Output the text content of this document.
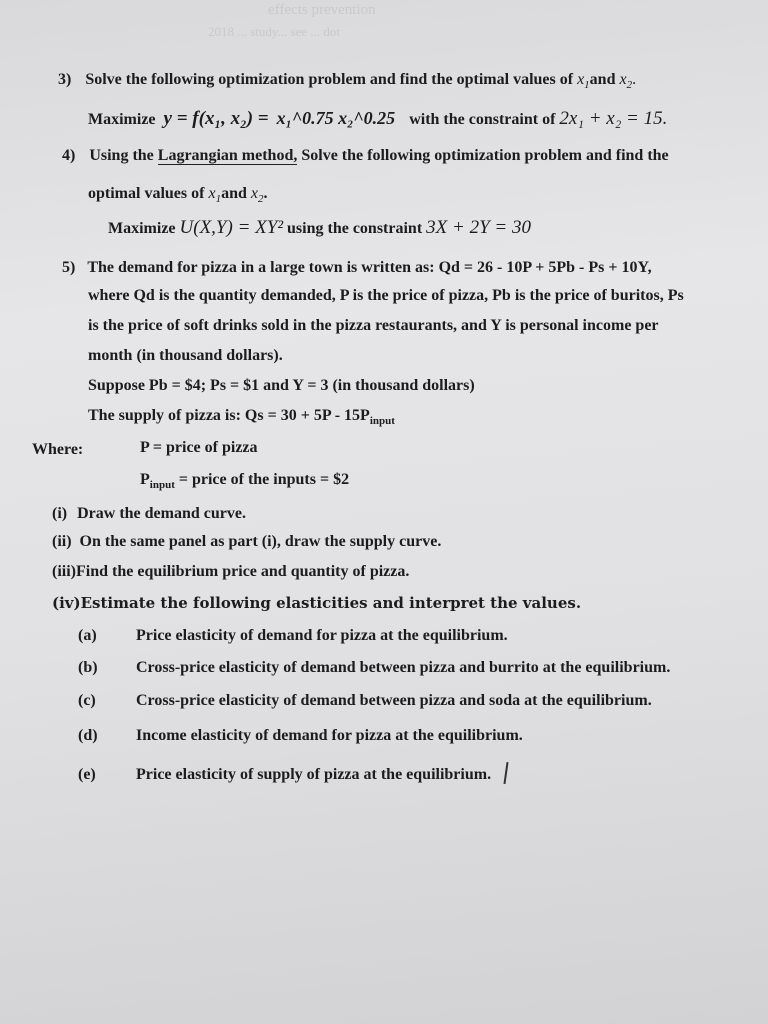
effects prevention
2018 ... study... see ... dot
3) Solve the following optimization problem and find the optimal values of $x_1and$ $x_2$.
Maximize y = f(x₁, x₂) = x₁^0.75 x₂^0.25 with the constraint of 2x₁ + x₂ = 15.
4) Using the Lagrangian method, Solve the following optimization problem and find the
optimal values of $x_1and$ $x_2$.
Maximize U(X,Y) = XY² using the constraint 3X + 2Y = 30
5) The demand for pizza in a large town is written as: Qd = 26 - 10P + 5Pb - Ps + 10Y,
where Qd is the quantity demanded, P is the price of pizza, Pb is the price of buritos, Ps
is the price of soft drinks sold in the pizza restaurants, and Y is personal income per
month (in thousand dollars).
Suppose Pb = $4; Ps = $1 and Y = 3 (in thousand dollars)
The supply of pizza is: $Qs = 30 + 5P - 15P_{input}$
Where:	P = price of pizza
$P_{input}$ = price of the inputs = $2
(i) Draw the demand curve.
(ii) On the same panel as part (i), draw the supply curve.
(iii)Find the equilibrium price and quantity of pizza.
(iv)Estimate the following elasticities and interpret the values.
(a) Price elasticity of demand for pizza at the equilibrium.
(b) Cross-price elasticity of demand between pizza and burrito at the equilibrium.
(c)	Cross-price elasticity of demand between pizza and soda at the equilibrium.
(d) Income elasticity of demand for pizza at the equilibrium.
(e)	Price elasticity of supply of pizza at the equilibrium.
